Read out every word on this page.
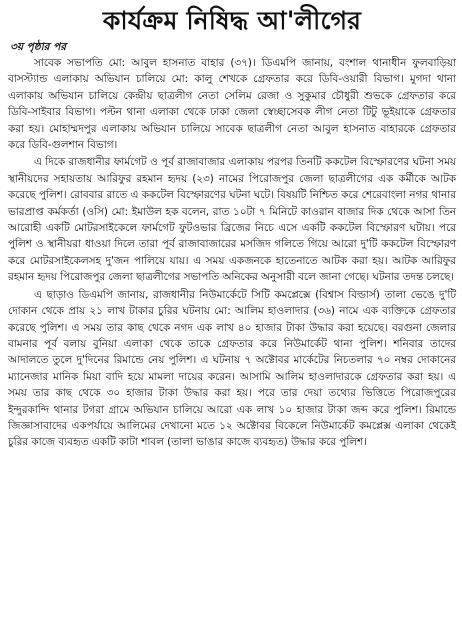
কার্যক্রম নিষিদ্ধ আ'লীগের
৩য় পৃষ্ঠার পর

সাবেক সভাপতি মো: আবুল হাসনাত বাহার (৩৭)। ডিএমপি জানায়, বংশাল থানাধীন ফুলবাড়িয়া বাসস্ট্যান্ড এলাকায় অভিযান চালিয়ে মো: কালু শেখকে গ্রেফতার করে ডিবি-ওয়ারী বিভাগ। মুগদা থানা এলাকায় অভিযান চালিয়ে কেন্দ্রীয় ছাত্রলীগ নেতা সেলিম রেজা ও সুকুমার চৌধুরী শুভকে গ্রেফতার করে ডিবি-সাইবার বিভাগ। পল্টন থানা এলাকা থেকে ঢাকা জেলা স্বেচ্ছাসেবক লীগ নেতা টিটু ভূইয়াকে গ্রেফতার করা হয়। মোহাম্মদপুর এলাকায় অভিযান চালিয়ে সাবেক ছাত্রলীগ নেতা আবুল হাসনাত বাহারকে গ্রেফতার করে ডিবি-গুলশান বিভাগ।

এ দিকে রাজধানীর ফার্মগেট ও পূর্ব রাজাবাজার এলাকায় পরপর তিনটি ককটেল বিস্ফোরণের ঘটনা সময় স্থানীয়দের সহায়তায় আরিফুর রহমান হৃদয় (২৩) নামের পিরোজপুর জেলা ছাত্রলীগের এক কর্মীকে আটক করেছে পুলিশ। রোববার রাতে এ ককটেল বিস্ফোরণের ঘটনা ঘটে। বিষয়টি নিশ্চিত করে শেরেবাংলা নগর থানার ভারপ্রাপ্ত কর্মকর্তা (ওসি) মো: ইমাউল হক বলেন, রাত ১০টা ৭ মিনিটে কাওরান বাজার দিক থেকে আসা তিন আরোহী একটি মোটরসাইকেলে ফার্মগেট ফুটওভার ব্রিজের নিচে এসে একটি ককটেল বিস্ফোরণ ঘটায়। পরে পুলিশ ও স্থানীয়রা ধাওয়া দিলে তারা পূর্ব রাজাবাজারের মসজিদ গলিতে গিয়ে আরো দু'টি ককটেল বিস্ফোরণ করে মোটরসাইকেলসহ দু'জন পালিয়ে যায়। এ সময় একজনকে হাতেনাতে আটক করা হয়। আটক আরিফুর রহমান হৃদয় পিরোজপুর জেলা ছাত্রলীগের সভাপতি অনিকের অনুসারী বলে জানা গেছে। ঘটনার তদন্ত চলছে।

এ ছাড়াও ডিএমপি জানায়, রাজধানীর নিউমার্কেটে সিটি কমপ্লেক্সে (বিশ্বাস বিল্ডার্স) তালা ভেঙে দু'টি দোকান থেকে প্রায় ২১ লাখ টাকার চুরির ঘটনায় মো: আলিম হাওলাদার (৩৬) নামে এক ব্যক্তিকে গ্রেফতার করেছে পুলিশ। এ সময় তার কাছ থেকে নগদ এক লাখ ৪০ হাজার টাকা উদ্ধার করা হয়েছে। বরগুনা জেলার বামনার পূর্ব বলায় বুনিয়া এলাকা থেকে তাকে গ্রেফতার করে নিউমার্কেট থানা পুলিশ। শনিবার তাদের আদালতে তুলে দু'দিনের রিমান্ডে নেয় পুলিশ। এ ঘটনায় ৭ অক্টোবর মার্কেটের নিচতলার ৭০ নম্বর দোকানের ম্যানেজার মানিক মিয়া বাদি হয়ে মামলা দায়ের করেন। আসামি আলিম হাওলাদারকে গ্রেফতার করা হয়। এ সময় তার কাছ থেকে ৩০ হাজার টাকা উদ্ধার করা হয়। পরে তার দেয়া তথ্যের ভিত্তিতে পিরোজপুরের ইন্দুরকান্দি থানার টগরা গ্রামে অভিযান চালিয়ে আরো এক লাখ ১০ হাজার টাকা জব্দ করে পুলিশ। রিমান্ডে জিজ্ঞাসাবাদের একপর্যায়ে আলিমের দেখানো মতে ১২ অক্টোবর বিকেলে নিউমার্কেট কমপ্লেক্স এলাকা থেকেই চুরির কাজে ব্যবহৃত একটি কাটা শাবল (তালা ভাঙার কাজে ব্যবহৃত) উদ্ধার করে পুলিশ।
